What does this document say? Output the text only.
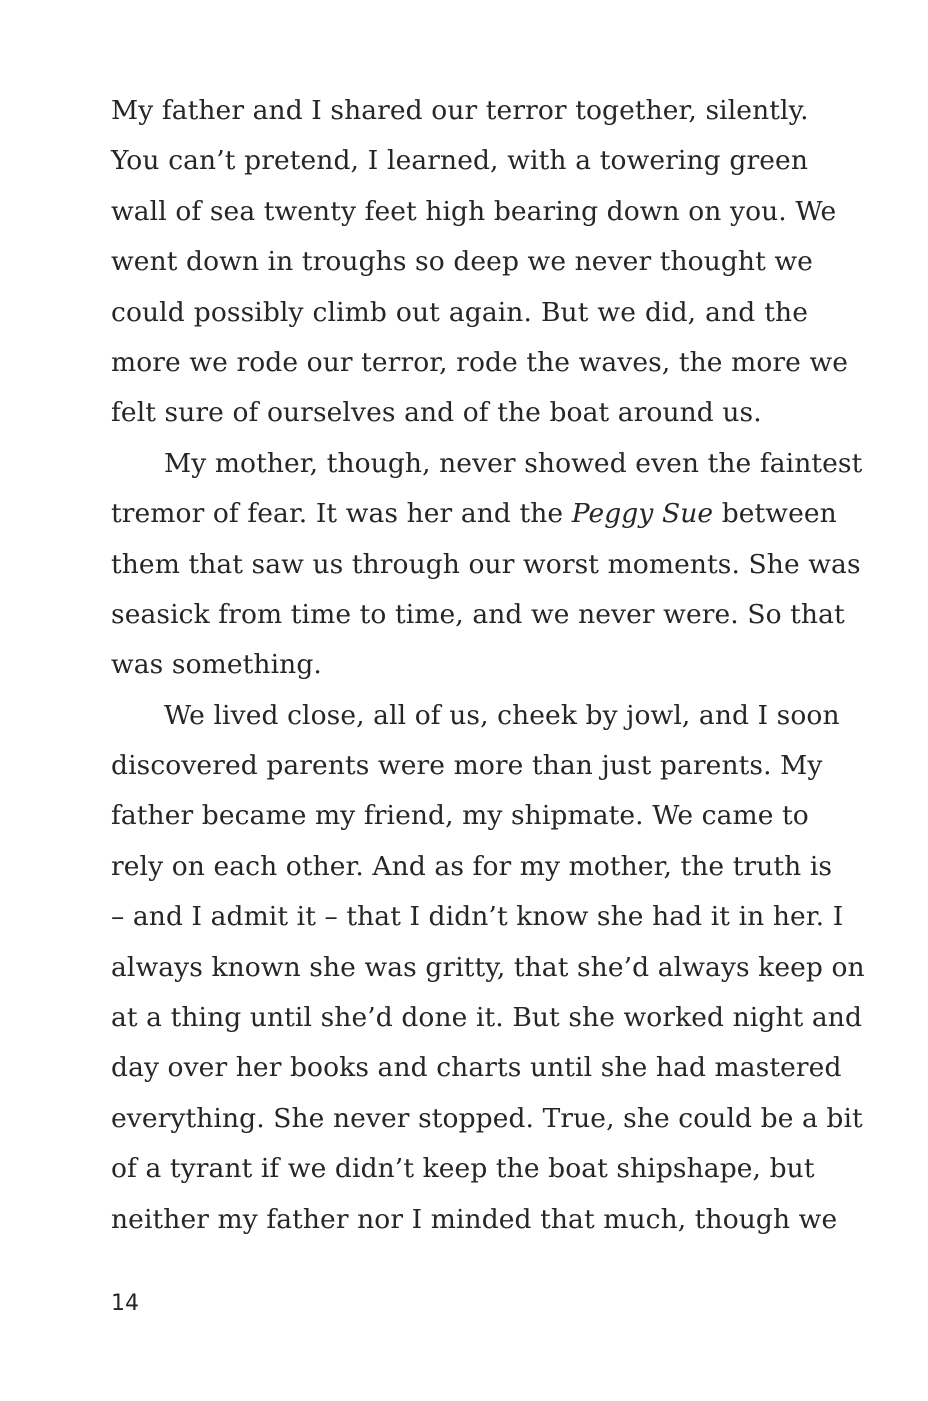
My father and I shared our terror together, silently.
You can’t pretend, I learned, with a towering green
wall of sea twenty feet high bearing down on you. We
went down in troughs so deep we never thought we
could possibly climb out again. But we did, and the
more we rode our terror, rode the waves, the more we
felt sure of ourselves and of the boat around us.
My mother, though, never showed even the faintest
tremor of fear. It was her and the Peggy Sue between
them that saw us through our worst moments. She was
seasick from time to time, and we never were. So that
was something.
We lived close, all of us, cheek by jowl, and I soon
discovered parents were more than just parents. My
father became my friend, my shipmate. We came to
rely on each other. And as for my mother, the truth is
– and I admit it – that I didn’t know she had it in her. I
always known she was gritty, that she’d always keep on
at a thing until she’d done it. But she worked night and
day over her books and charts until she had mastered
everything. She never stopped. True, she could be a bit
of a tyrant if we didn’t keep the boat shipshape, but
neither my father nor I minded that much, though we
14
